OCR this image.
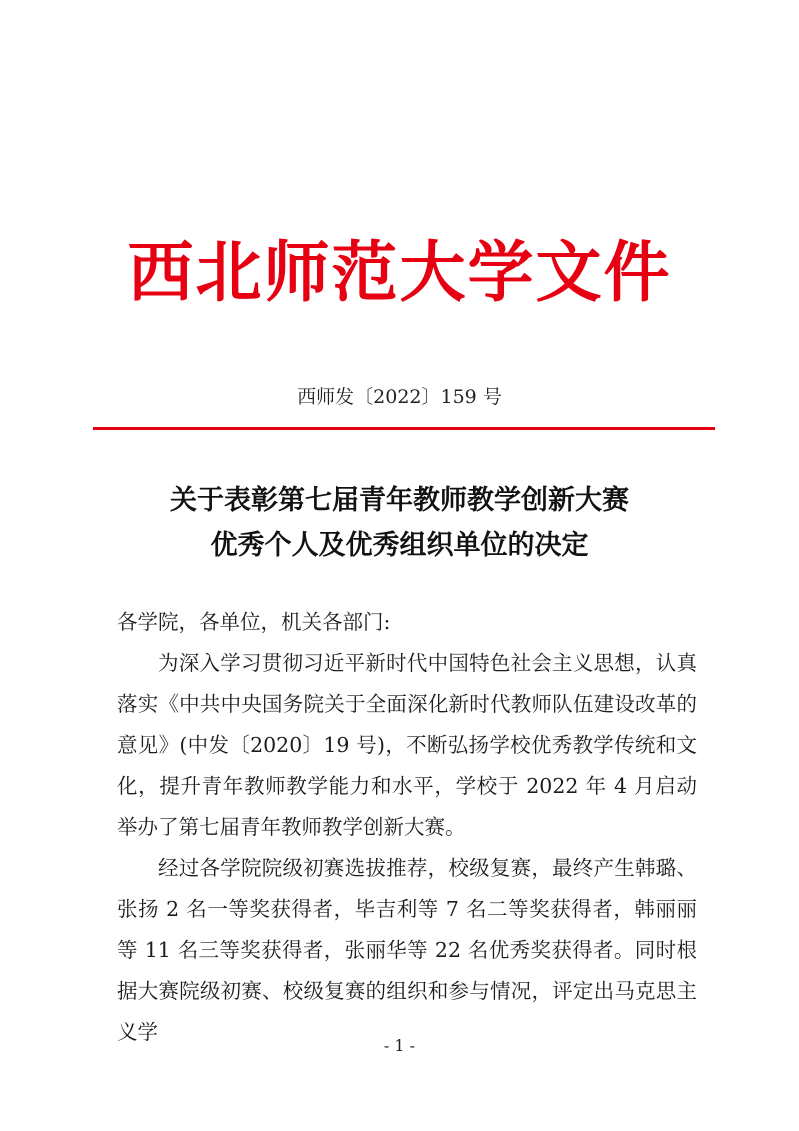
西北师范大学文件
西师发〔2022〕159 号
关于表彰第七届青年教师教学创新大赛
优秀个人及优秀组织单位的决定

各学院，各单位，机关各部门:

为深入学习贯彻习近平新时代中国特色社会主义思想，认真落实《中共中央国务院关于全面深化新时代教师队伍建设改革的意见》(中发〔2020〕19 号)，不断弘扬学校优秀教学传统和文化，提升青年教师教学能力和水平，学校于 2022 年 4 月启动举办了第七届青年教师教学创新大赛。

经过各学院院级初赛选拔推荐，校级复赛，最终产生韩璐、张扬 2 名一等奖获得者，毕吉利等 7 名二等奖获得者，韩丽丽等 11 名三等奖获得者，张丽华等 22 名优秀奖获得者。同时根据大赛院级初赛、校级复赛的组织和参与情况，评定出马克思主义学

- 1 -
